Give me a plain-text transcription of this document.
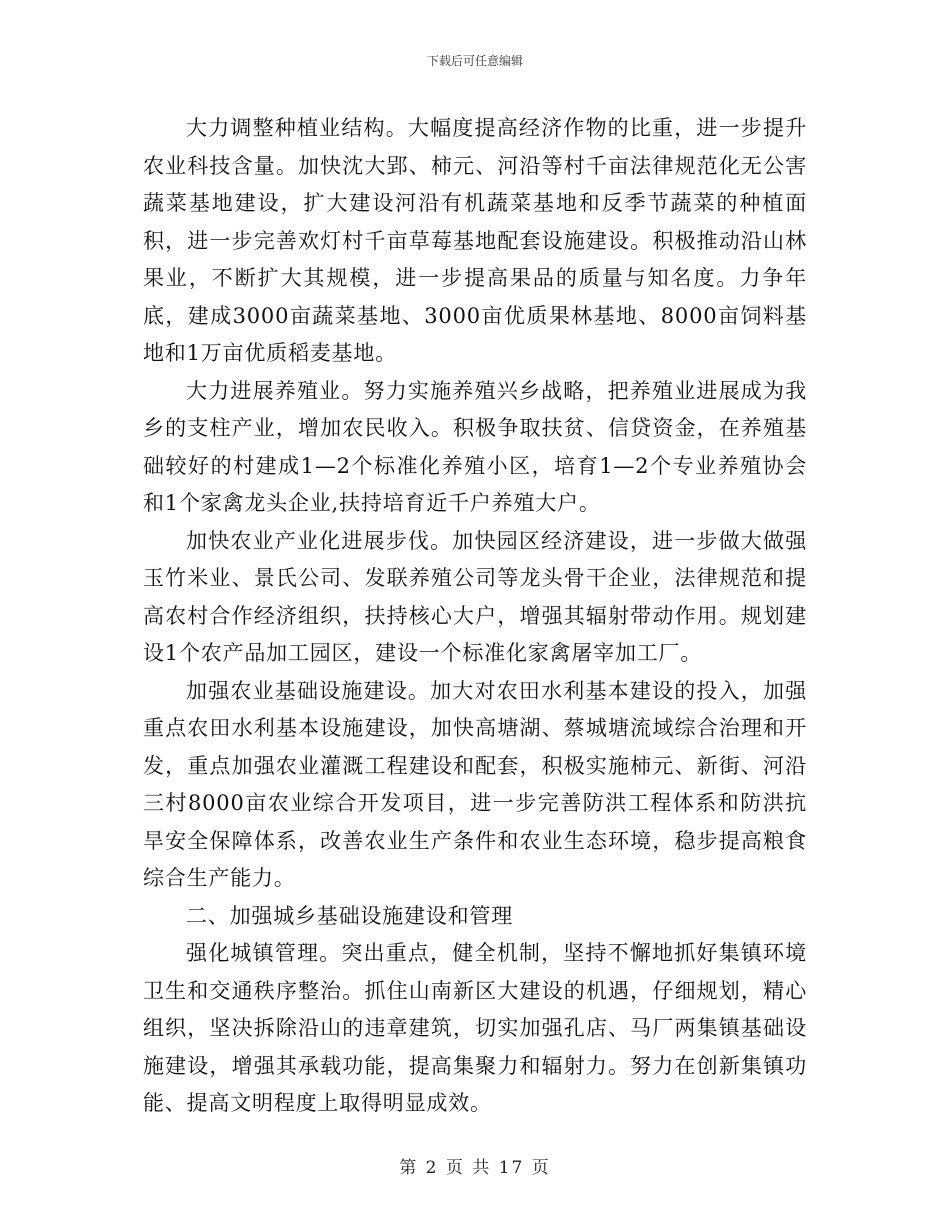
下载后可任意编辑

大力调整种植业结构。大幅度提高经济作物的比重，进一步提升农业科技含量。加快沈大郢、柿元、河沿等村千亩法律规范化无公害蔬菜基地建设，扩大建设河沿有机蔬菜基地和反季节蔬菜的种植面积，进一步完善欢灯村千亩草莓基地配套设施建设。积极推动沿山林果业，不断扩大其规模，进一步提高果品的质量与知名度。力争年底，建成3000亩蔬菜基地、3000亩优质果林基地、8000亩饲料基地和1万亩优质稻麦基地。

大力进展养殖业。努力实施养殖兴乡战略，把养殖业进展成为我乡的支柱产业，增加农民收入。积极争取扶贫、信贷资金，在养殖基础较好的村建成1—2个标准化养殖小区，培育1—2个专业养殖协会和1个家禽龙头企业,扶持培育近千户养殖大户。

加快农业产业化进展步伐。加快园区经济建设，进一步做大做强玉竹米业、景氏公司、发联养殖公司等龙头骨干企业，法律规范和提高农村合作经济组织，扶持核心大户，增强其辐射带动作用。规划建设1个农产品加工园区，建设一个标准化家禽屠宰加工厂。

加强农业基础设施建设。加大对农田水利基本建设的投入，加强重点农田水利基本设施建设，加快高塘湖、蔡城塘流域综合治理和开发，重点加强农业灌溉工程建设和配套，积极实施柿元、新街、河沿三村8000亩农业综合开发项目，进一步完善防洪工程体系和防洪抗旱安全保障体系，改善农业生产条件和农业生态环境，稳步提高粮食综合生产能力。

二、加强城乡基础设施建设和管理

强化城镇管理。突出重点，健全机制，坚持不懈地抓好集镇环境卫生和交通秩序整治。抓住山南新区大建设的机遇，仔细规划，精心组织，坚决拆除沿山的违章建筑，切实加强孔店、马厂两集镇基础设施建设，增强其承载功能，提高集聚力和辐射力。努力在创新集镇功能、提高文明程度上取得明显成效。

第 2 页 共 17 页
